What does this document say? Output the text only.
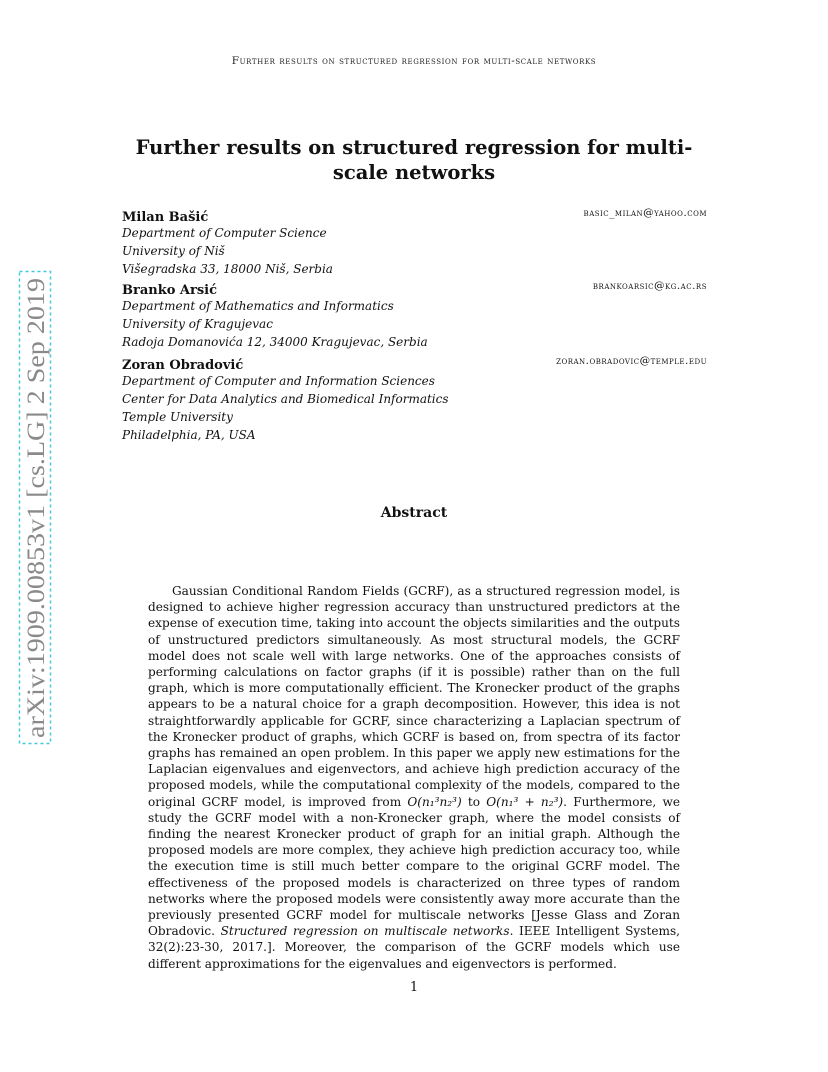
Further results on structured regression for multi-scale networks
arXiv:1909.00853v1 [cs.LG] 2 Sep 2019
Further results on structured regression for multi-scale networks
Milan Bašić	basic_milan@yahoo.com
Department of Computer Science
University of Niš
Višegradska 33, 18000 Niš, Serbia
Branko Arsić	brankoarsic@kg.ac.rs
Department of Mathematics and Informatics
University of Kragujevac
Radoja Domanovića 12, 34000 Kragujevac, Serbia
Zoran Obradović	zoran.obradovic@temple.edu
Department of Computer and Information Sciences
Center for Data Analytics and Biomedical Informatics
Temple University
Philadelphia, PA, USA
Abstract

Gaussian Conditional Random Fields (GCRF), as a structured regression model, is designed to achieve higher regression accuracy than unstructured predictors at the expense of execution time, taking into account the objects similarities and the outputs of unstructured predictors simultaneously. As most structural models, the GCRF model does not scale well with large networks. One of the approaches consists of performing calculations on factor graphs (if it is possible) rather than on the full graph, which is more computationally efficient. The Kronecker product of the graphs appears to be a natural choice for a graph decomposition. However, this idea is not straightforwardly applicable for GCRF, since characterizing a Laplacian spectrum of the Kronecker product of graphs, which GCRF is based on, from spectra of its factor graphs has remained an open problem. In this paper we apply new estimations for the Laplacian eigenvalues and eigenvectors, and achieve high prediction accuracy of the proposed models, while the computational complexity of the models, compared to the original GCRF model, is improved from O(n₁³n₂³) to O(n₁³ + n₂³). Furthermore, we study the GCRF model with a non-Kronecker graph, where the model consists of finding the nearest Kronecker product of graph for an initial graph. Although the proposed models are more complex, they achieve high prediction accuracy too, while the execution time is still much better compare to the original GCRF model. The effectiveness of the proposed models is characterized on three types of random networks where the proposed models were consistently away more accurate than the previously presented GCRF model for multiscale networks [Jesse Glass and Zoran Obradovic. Structured regression on multiscale networks. IEEE Intelligent Systems, 32(2):23-30, 2017.]. Moreover, the comparison of the GCRF models which use different approximations for the eigenvalues and eigenvectors is performed.

1
